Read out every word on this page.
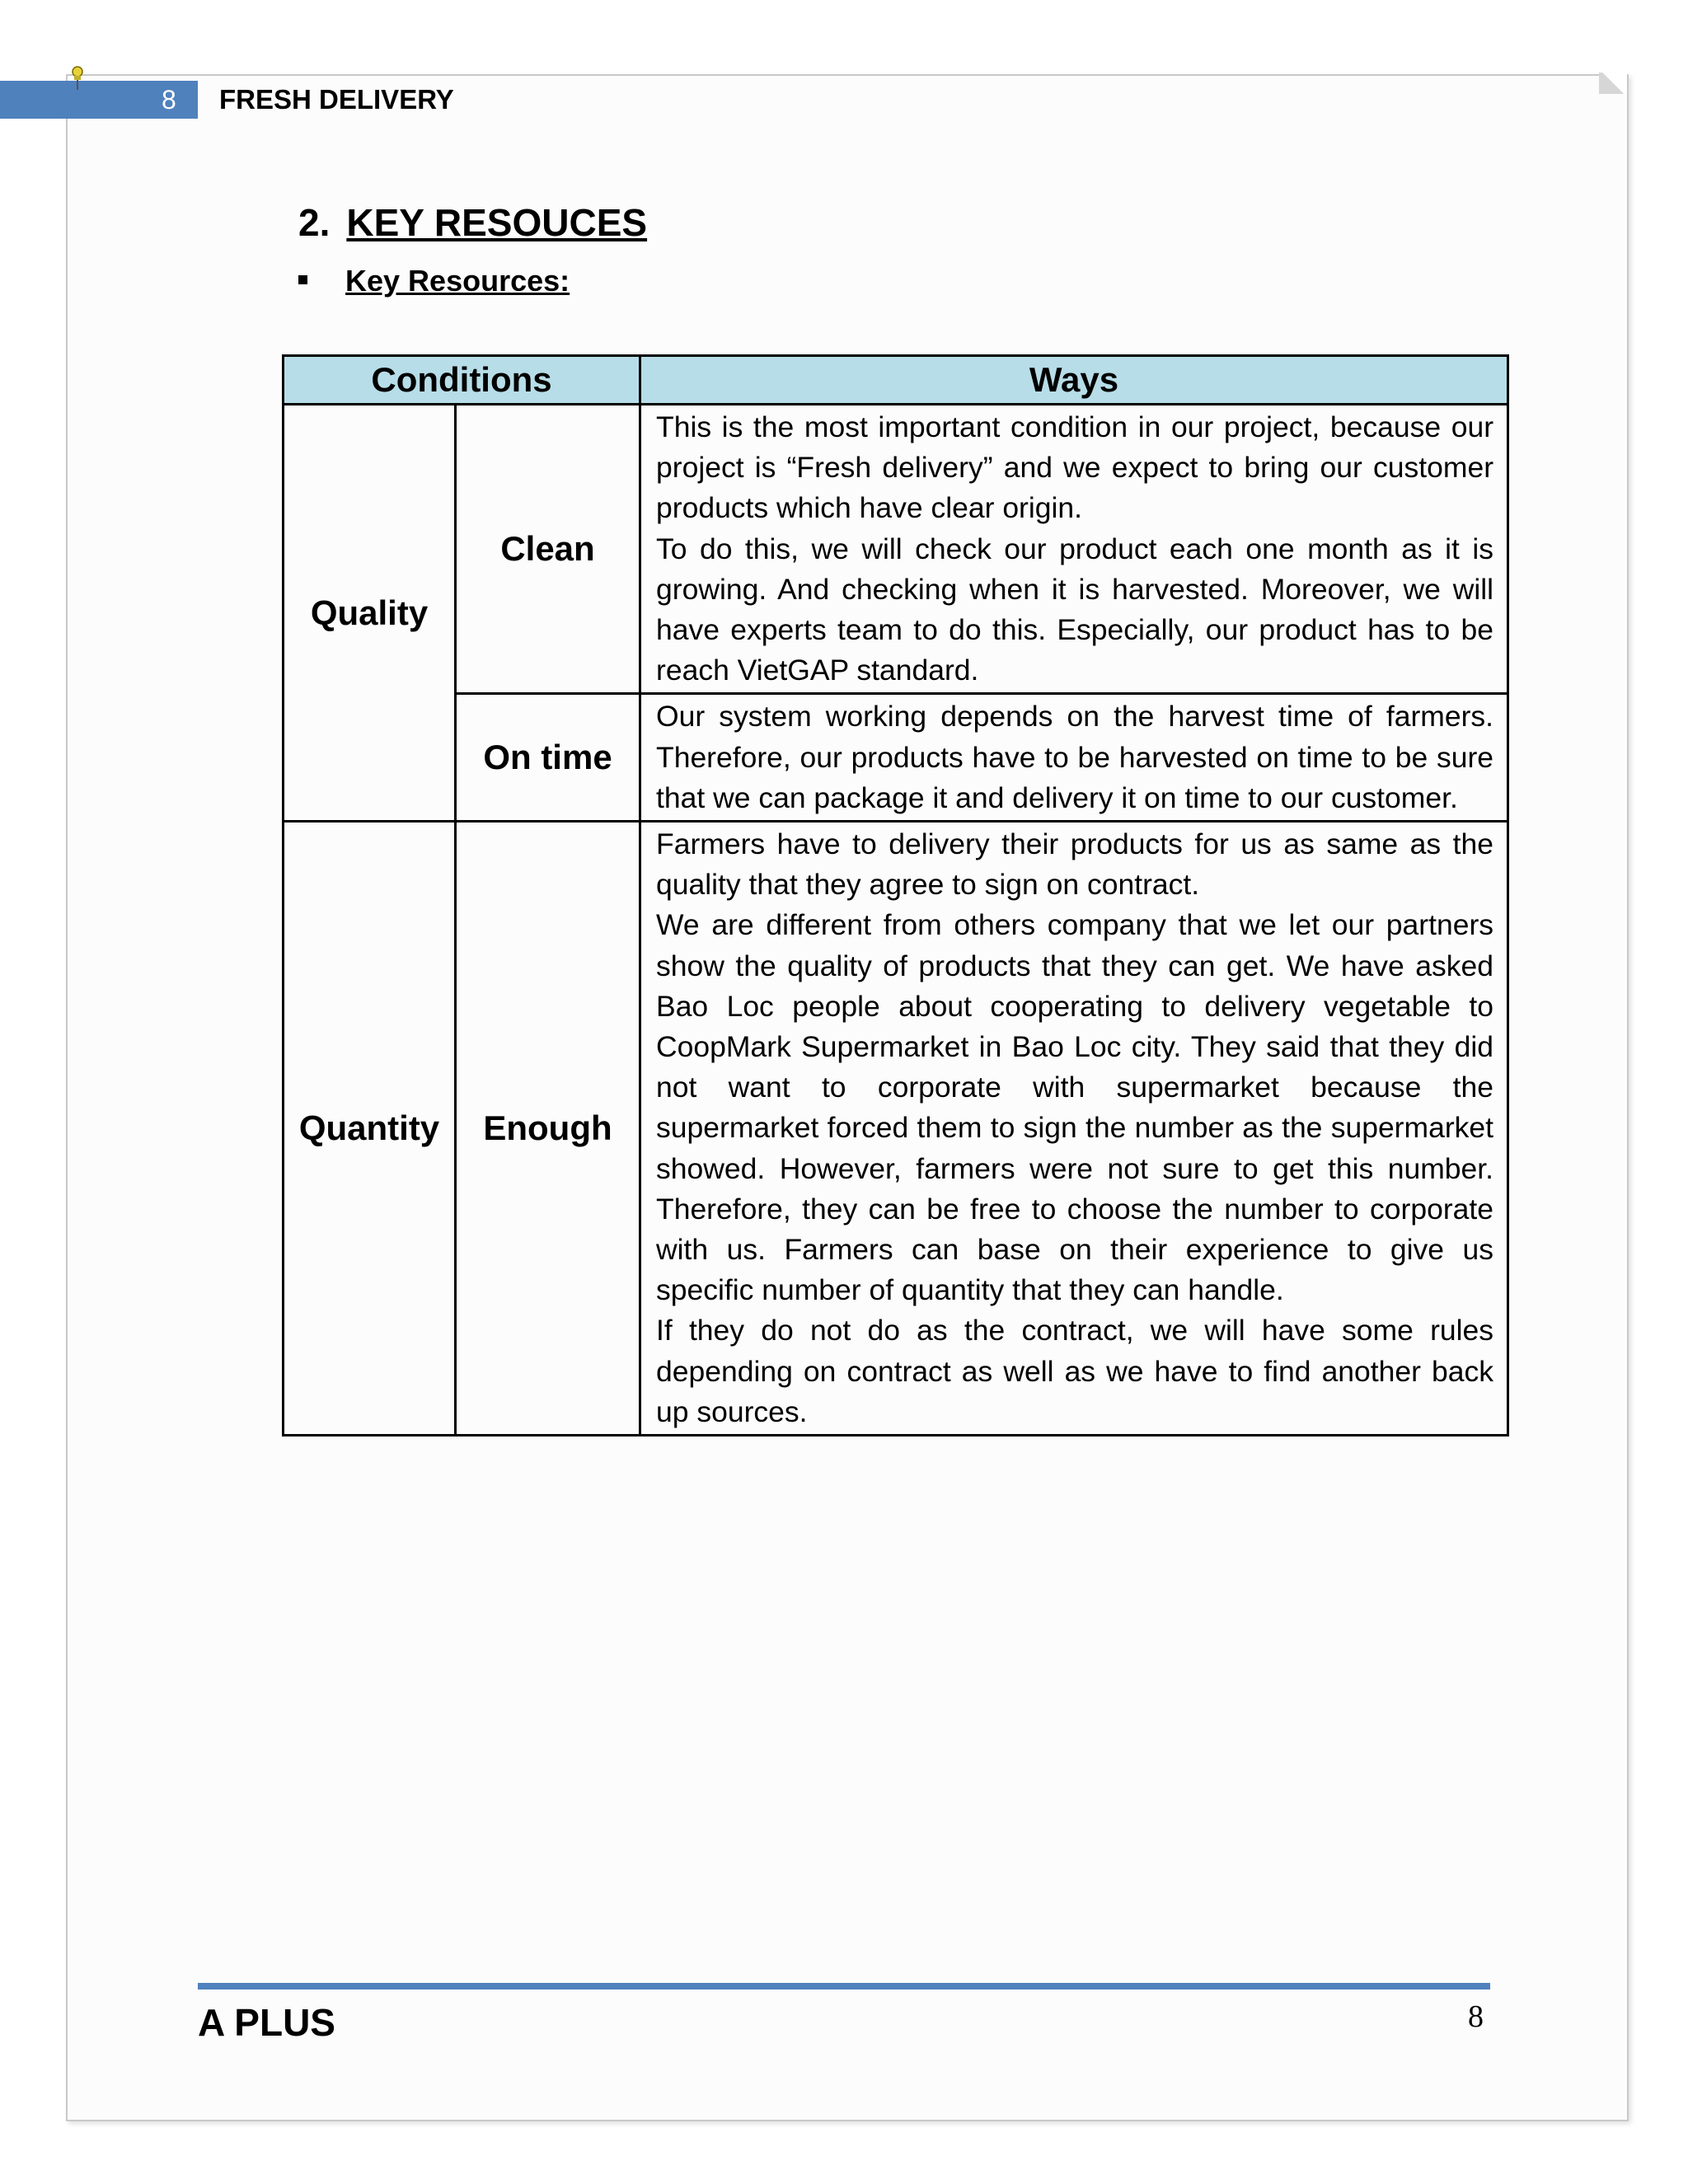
8	FRESH DELIVERY
2. KEY RESOUCES
Key Resources:
Conditions		Ways
Quality	Clean	This is the most important condition in our project, because our project is “Fresh delivery” and we expect to bring our customer products which have clear origin.

To do this, we will check our product each one month as it is growing. And checking when it is harvested. Moreover, we will have experts team to do this. Especially, our product has to be reach VietGAP standard.

	On time	Our system working depends on the harvest time of farmers. Therefore, our products have to be harvested on time to be sure that we can package it and delivery it on time to our customer.

Quantity	Enough	Farmers have to delivery their products for us as same as the quality that they agree to sign on contract.

We are different from others company that we let our partners show the quality of products that they can get. We have asked Bao Loc people about cooperating to delivery vegetable to CoopMark Supermarket in Bao Loc city. They said that they did not want to corporate with supermarket because the supermarket forced them to sign the number as the supermarket showed. However, farmers were not sure to get this number. Therefore, they can be free to choose the number to corporate with us. Farmers can base on their experience to give us specific number of quantity that they can handle.

If they do not do as the contract, we will have some rules depending on contract as well as we have to find another back up sources.

A PLUS	8
